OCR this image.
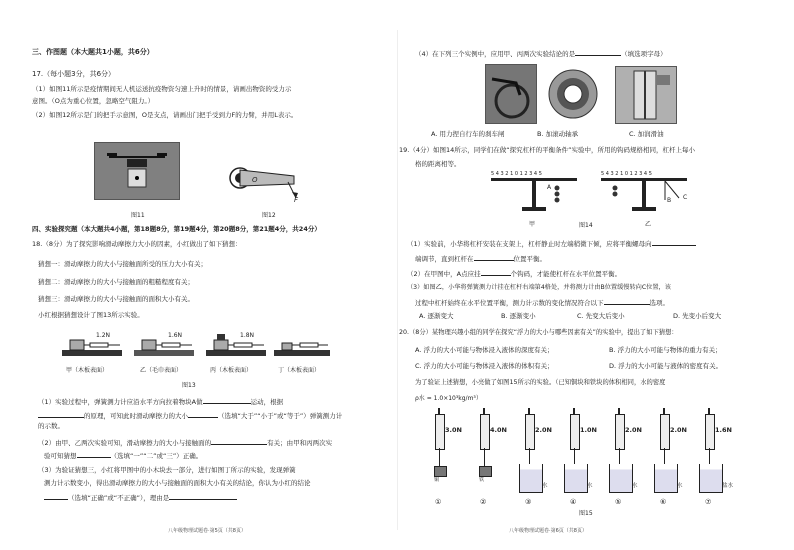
三、作图题（本大题共1小题，共6分）
17.（每小题3分，共6分）
（1）如图11所示是疫情期间无人机运送抗疫物资匀速上升时的情景，请画出物资的受力示
意图。（O点为重心位置，忽略空气阻力。）
（2）如图12所示是门的把手示意图，O是支点，请画出门把手受到力F的力臂，并用L表示。
图11
O
F
图12
四、实验探究题（本大题共4小题，第18题8分，第19题4分，第20题8分，第21题4分，共24分）
18.（8分）为了探究影响滑动摩擦力大小的因素，小红做出了如下猜想：
猜想一：滑动摩擦力的大小与接触面所受的压力大小有关；
猜想二：滑动摩擦力的大小与接触面的粗糙程度有关；
猜想三：滑动摩擦力的大小与接触面的面积大小有关。
小红根据猜想设计了图13所示实验。
1.2N	1.6N	1.8N
甲（木板表面）	乙（毛巾表面）	丙（木板表面）	丁（木板表面）
图13
（1）实验过程中，弹簧测力计应沿水平方向拉着物块A做	运动，根据
的原理，可知此时滑动摩擦力的大小	（选填“大于”“小于”或“等于”）弹簧测力计
的示数。
（2）由甲、乙两次实验可知，滑动摩擦力的大小与接触面的	有关；由甲和丙两次实
验可知猜想	（选填“一”“二”或“三”）正确。
（3）为验证猜想三，小红将甲图中的小木块去一部分，进行如图丁所示的实验，发现弹簧
测力计示数变小，得出滑动摩擦力的大小与接触面的面积大小有关的结论，你认为小红的结论
（选填“正确”或“不正确”），理由是
八年级物理试题卷·第5页（共8页）
（4）在下列三个实例中，应用甲、丙两次实验结论的是	（填选项字母）
A. 用力捏自行车的刹车闸	B. 加滚动轴承	C. 加润滑油
19.（4分）如图14所示，同学们在做“探究杠杆的平衡条件”实验中，所用的钩码规格相同，杠杆上每小
格的距离相等。
5 4 3 2 1 0 1 2 3 4 5	5 4 3 2 1 0 1 2 3 4 5
A
B C
甲	图14	乙
（1）实验前，小华将杠杆安装在支架上，杠杆静止时左端稍微下倾，应将平衡螺母向
端调节，直到杠杆在	位置平衡。
（2）在甲图中，A点应挂	个钩码，才能使杠杆在水平位置平衡。
（3）如图乙，小华将弹簧测力计挂在杠杆右端第4格处，并将测力计由B位置缓慢转向C位置，该
过程中杠杆始终在水平位置平衡，测力计示数的变化情况符合以下	选项。
A. 逐渐变大	B. 逐渐变小	C. 先变大后变小	D. 先变小后变大
20.（8分）某物理兴趣小组的同学在探究“浮力的大小与哪些因素有关”的实验中，提出了如下猜想：
A. 浮力的大小可能与物体浸入液体的深度有关；	B. 浮力的大小可能与物体的重力有关；
C. 浮力的大小可能与物体浸入液体的体积有关；	D. 浮力的大小可能与液体的密度有关。
为了验证上述猜想，小亮做了如图15所示的实验。（已知铜块和铁块的体积相同，水的密度
ρ水 = 1.0×10³kg/m³）
3.0N
铜
①
4.0N
铁
②
2.0N
水
③
1.0N
水
④
2.0N
水
⑤
2.0N
水
⑥
1.6N
盐水
⑦
图15
八年级物理试题卷·第6页（共8页）
